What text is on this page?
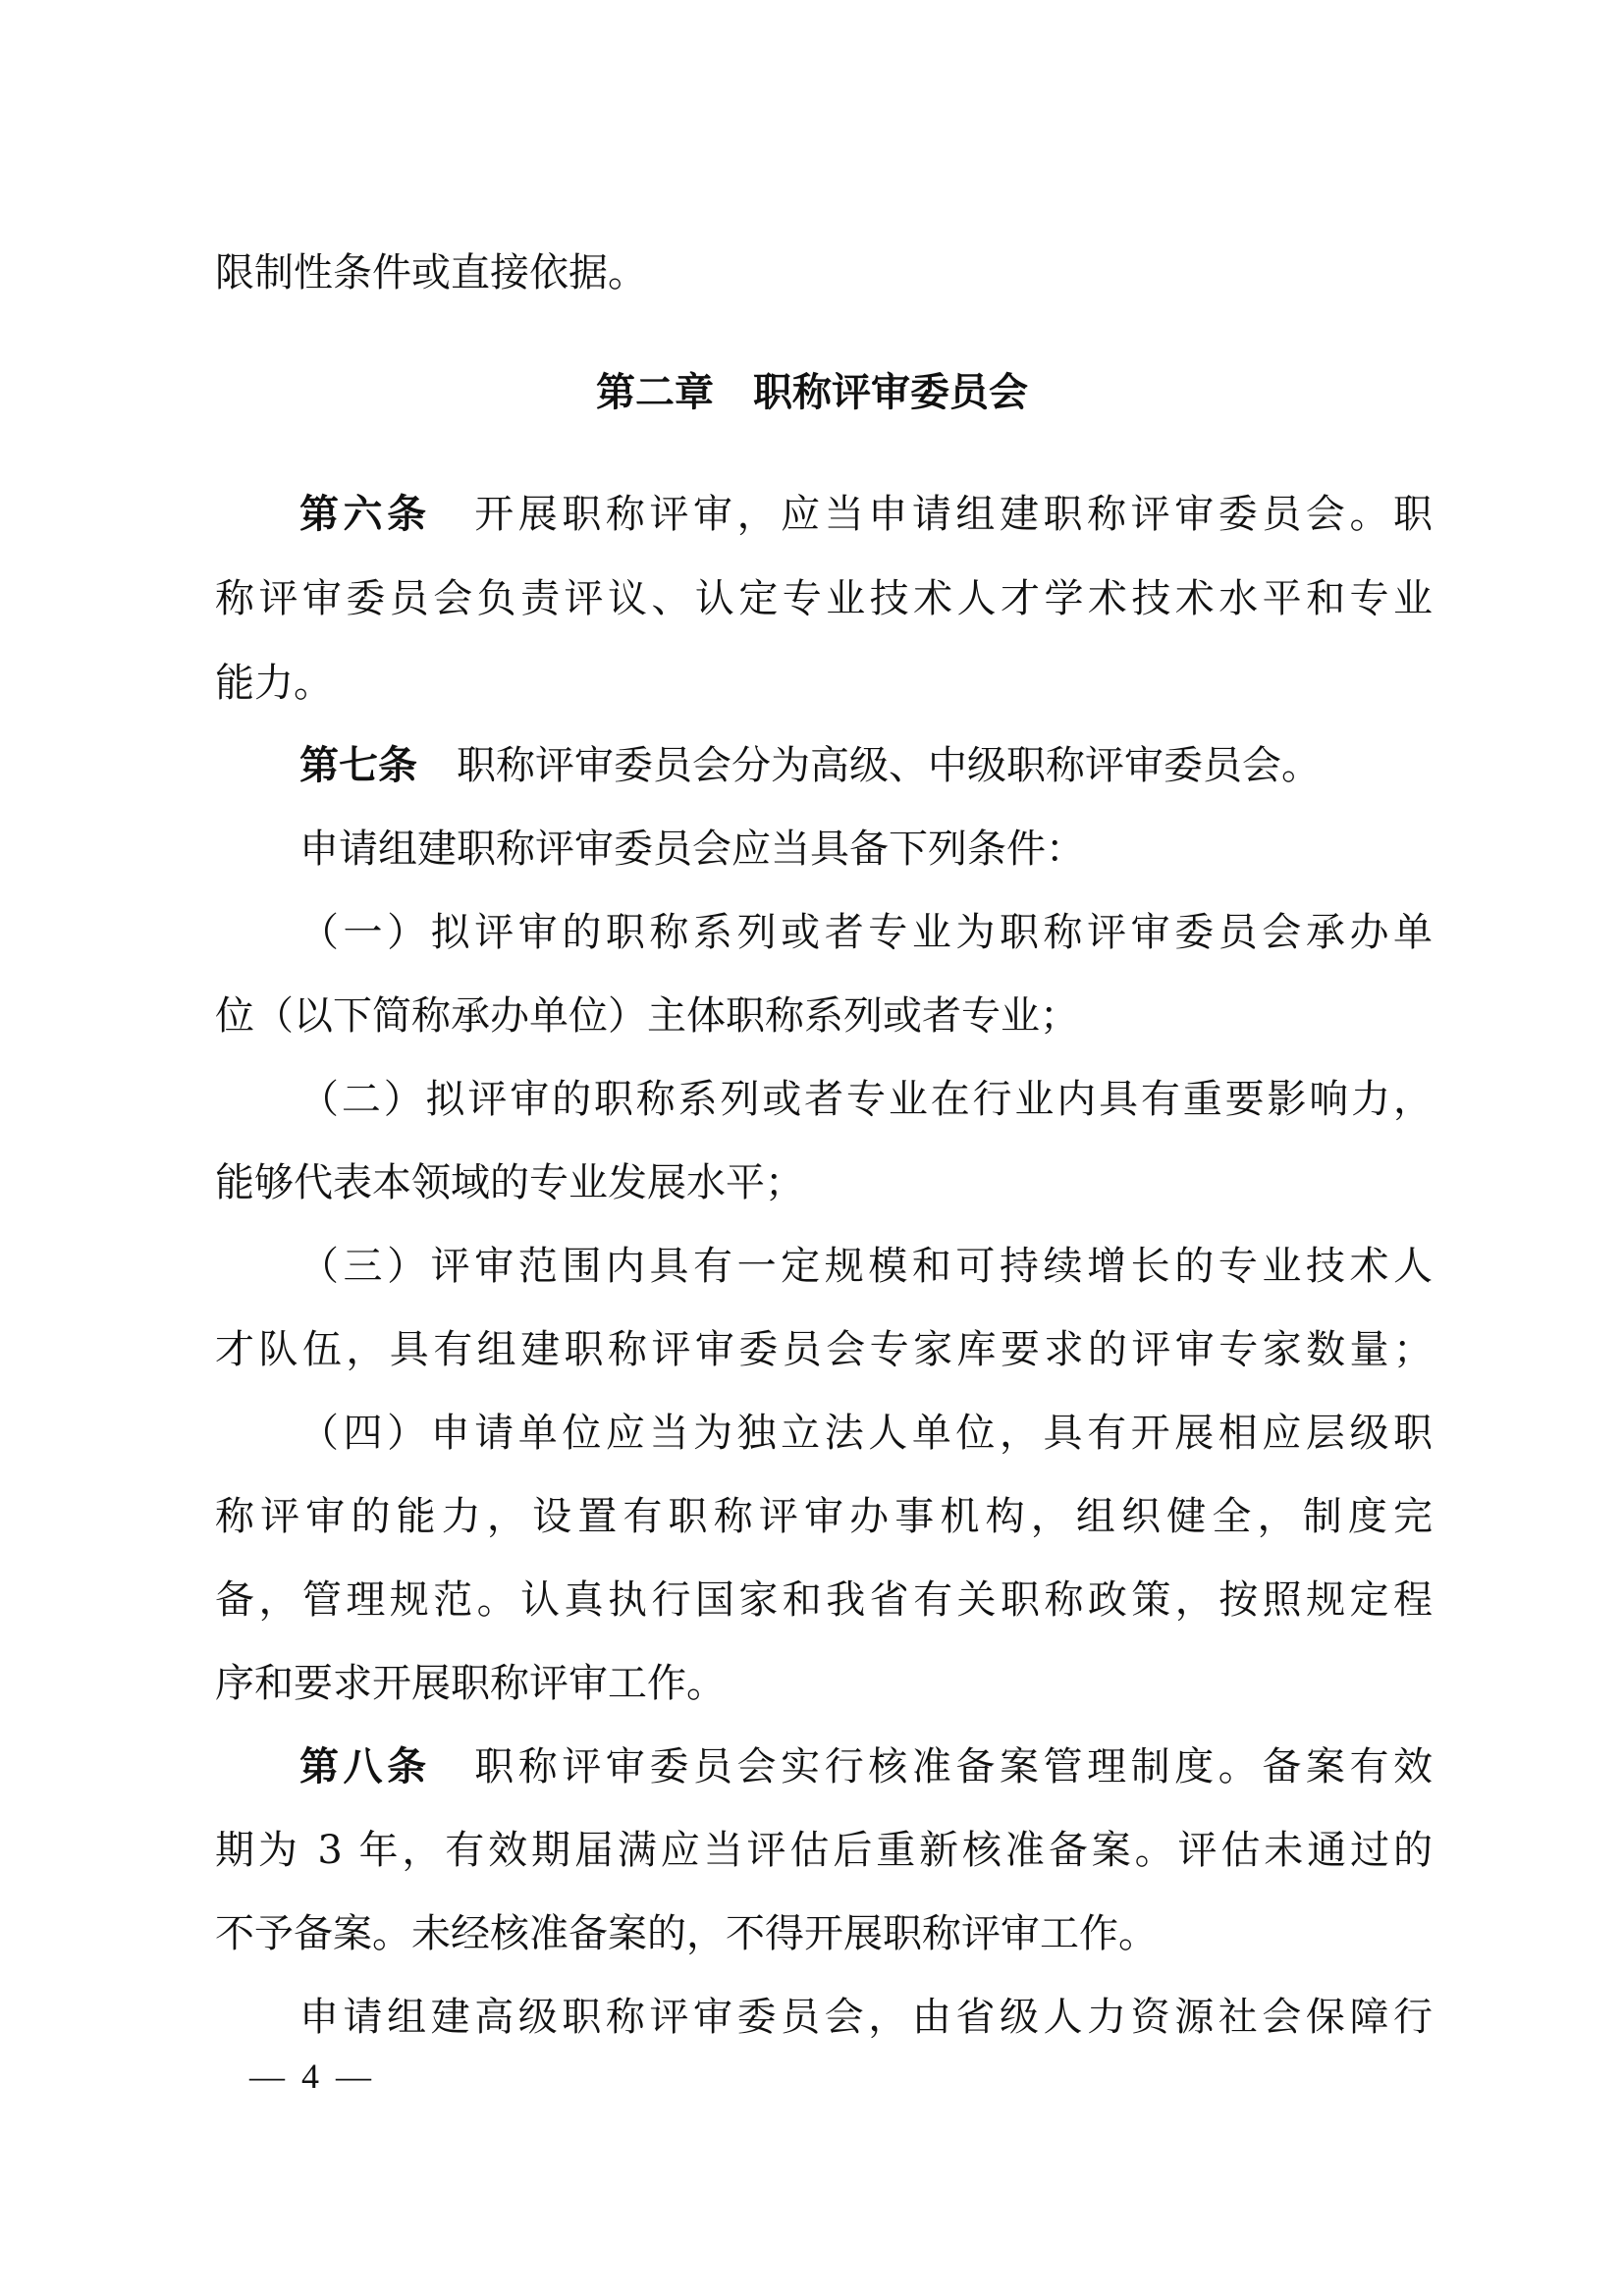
限制性条件或直接依据。
第二章 职称评审委员会
第六条 开展职称评审，应当申请组建职称评审委员会。职
称评审委员会负责评议、认定专业技术人才学术技术水平和专业
能力。
第七条 职称评审委员会分为高级、中级职称评审委员会。
申请组建职称评审委员会应当具备下列条件：
（一）拟评审的职称系列或者专业为职称评审委员会承办单
位（以下简称承办单位）主体职称系列或者专业；
（二）拟评审的职称系列或者专业在行业内具有重要影响力，
能够代表本领域的专业发展水平；
（三）评审范围内具有一定规模和可持续增长的专业技术人
才队伍，具有组建职称评审委员会专家库要求的评审专家数量；
（四）申请单位应当为独立法人单位，具有开展相应层级职
称评审的能力，设置有职称评审办事机构，组织健全，制度完
备，管理规范。认真执行国家和我省有关职称政策，按照规定程
序和要求开展职称评审工作。
第八条 职称评审委员会实行核准备案管理制度。备案有效
期为 3 年，有效期届满应当评估后重新核准备案。评估未通过的
不予备案。未经核准备案的，不得开展职称评审工作。
申请组建高级职称评审委员会，由省级人力资源社会保障行
— 4 —
